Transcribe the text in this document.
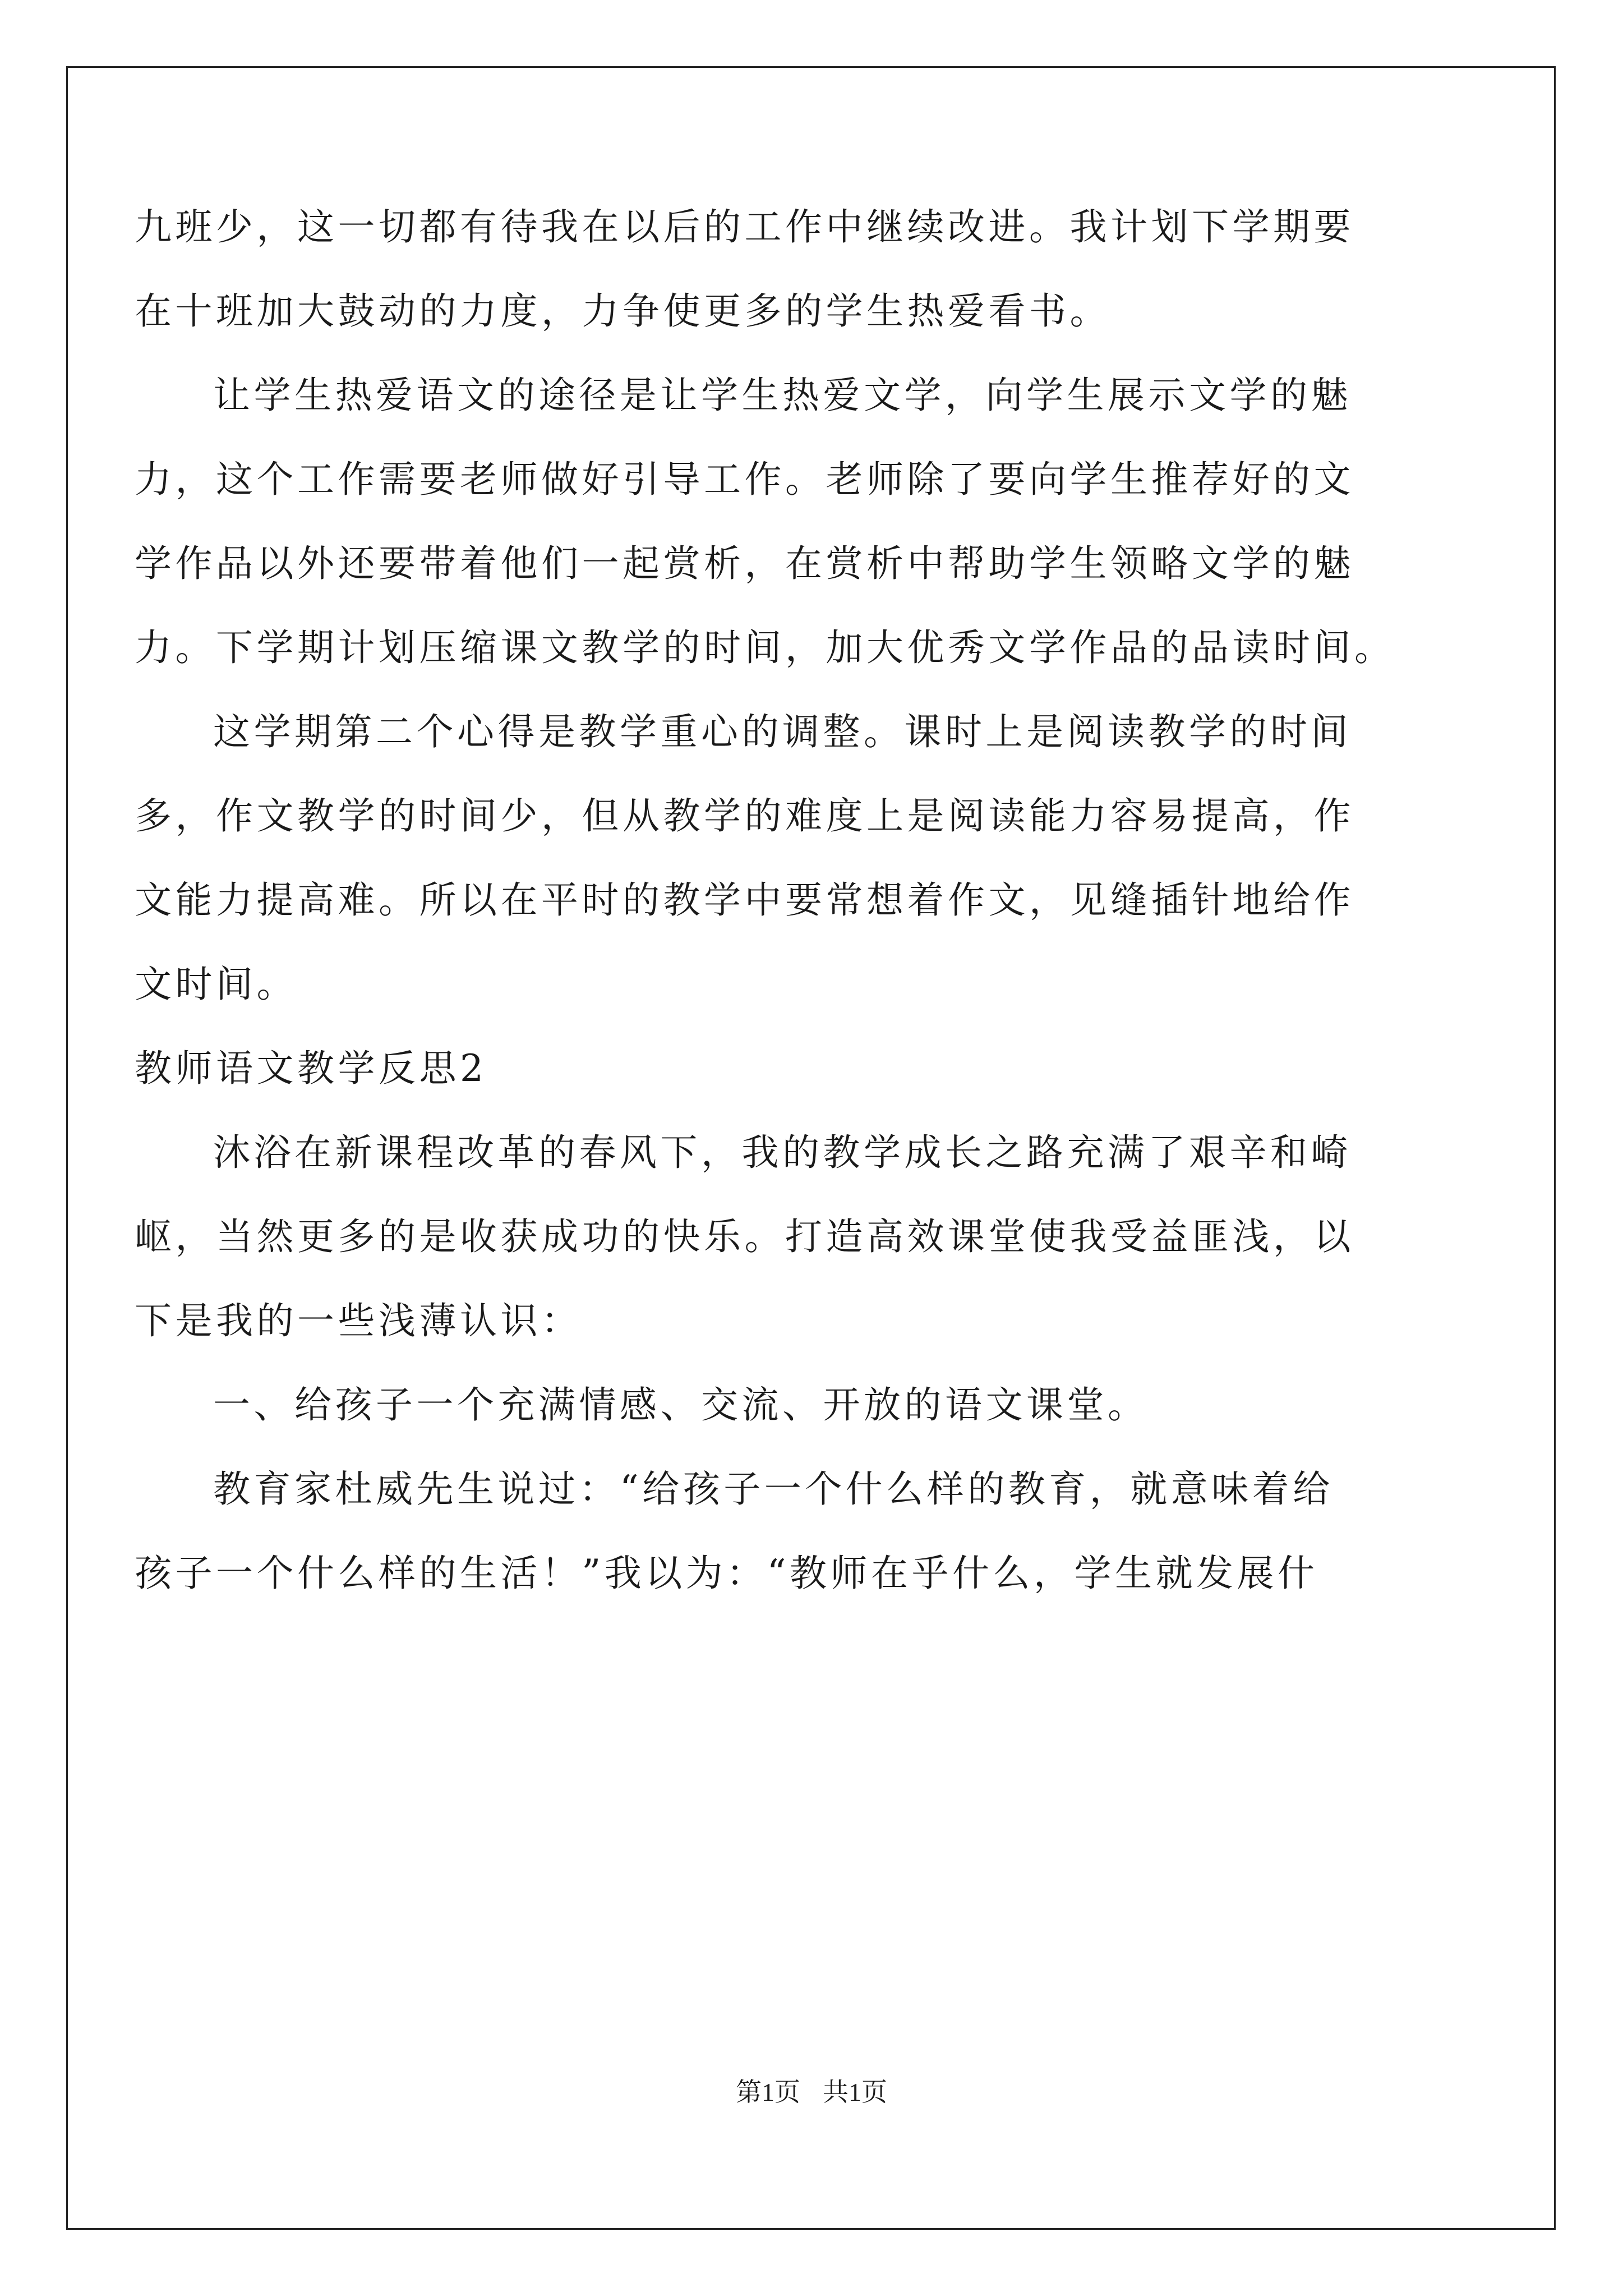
九班少，这一切都有待我在以后的工作中继续改进。我计划下学期要
在十班加大鼓动的力度，力争使更多的学生热爱看书。
让学生热爱语文的途径是让学生热爱文学，向学生展示文学的魅
力，这个工作需要老师做好引导工作。老师除了要向学生推荐好的文
学作品以外还要带着他们一起赏析，在赏析中帮助学生领略文学的魅
力。下学期计划压缩课文教学的时间，加大优秀文学作品的品读时间。
这学期第二个心得是教学重心的调整。课时上是阅读教学的时间
多，作文教学的时间少，但从教学的难度上是阅读能力容易提高，作
文能力提高难。所以在平时的教学中要常想着作文，见缝插针地给作
文时间。
教师语文教学反思2
沐浴在新课程改革的春风下，我的教学成长之路充满了艰辛和崎
岖，当然更多的是收获成功的快乐。打造高效课堂使我受益匪浅，以
下是我的一些浅薄认识：
一、给孩子一个充满情感、交流、开放的语文课堂。
教育家杜威先生说过：“给孩子一个什么样的教育，就意味着给
孩子一个什么样的生活！”我以为：“教师在乎什么，学生就发展什
第1页 共1页
